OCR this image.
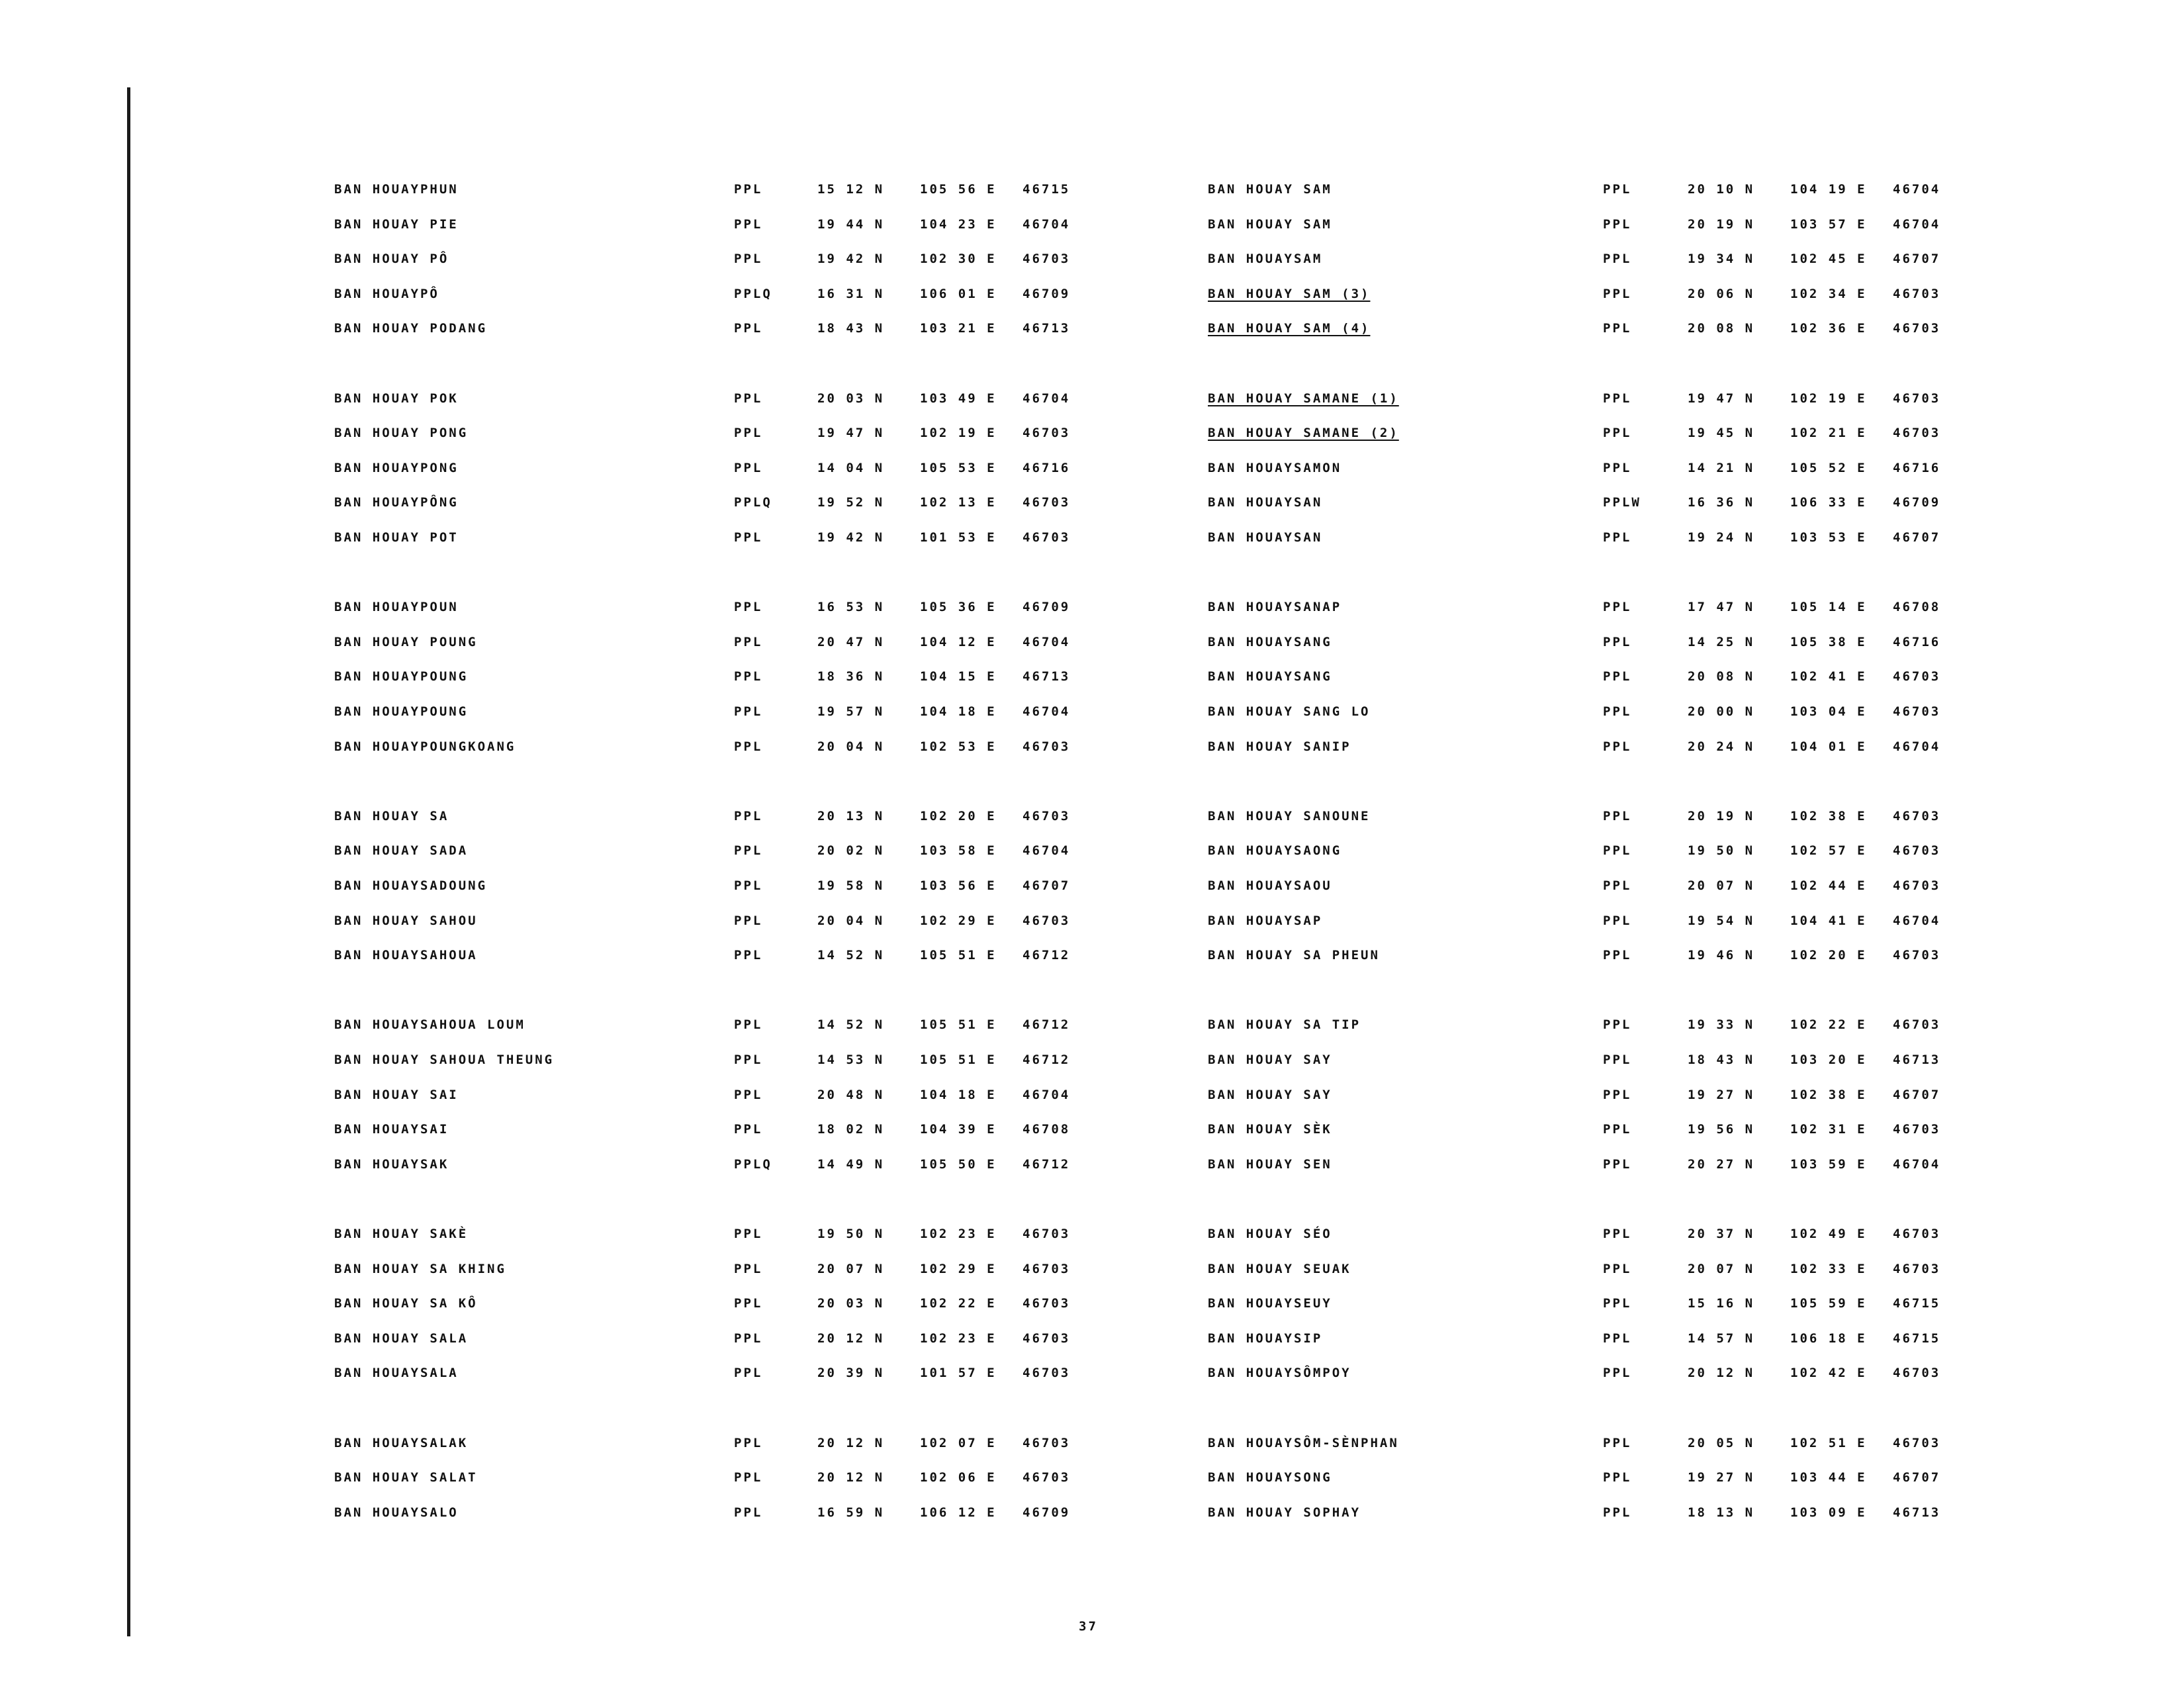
BAN HOUAYPHUN	PPL	15 12 N	105 56 E 46715
BAN HOUAY PIE	PPL	19 44 N	104 23 E 46704
BAN HOUAY PÔ	PPL	19 42 N	102 30 E 46703
BAN HOUAYPÔ	PPLQ	16 31 N	106 01 E 46709
BAN HOUAY PODANG	PPL	18 43 N	103 21 E 46713
BAN HOUAY POK	PPL	20 03 N	103 49 E 46704
BAN HOUAY PONG	PPL	19 47 N	102 19 E 46703
BAN HOUAYPONG	PPL	14 04 N	105 53 E 46716
BAN HOUAYPÔNG	PPLQ	19 52 N	102 13 E 46703
BAN HOUAY POT	PPL	19 42 N	101 53 E 46703
BAN HOUAYPOUN	PPL	16 53 N	105 36 E 46709
BAN HOUAY POUNG	PPL	20 47 N	104 12 E 46704
BAN HOUAYPOUNG	PPL	18 36 N	104 15 E 46713
BAN HOUAYPOUNG	PPL	19 57 N	104 18 E 46704
BAN HOUAYPOUNGKOANG	PPL	20 04 N	102 53 E 46703
BAN HOUAY SA	PPL	20 13 N	102 20 E 46703
BAN HOUAY SADA	PPL	20 02 N	103 58 E 46704
BAN HOUAYSADOUNG	PPL	19 58 N	103 56 E 46707
BAN HOUAY SAHOU	PPL	20 04 N	102 29 E 46703
BAN HOUAYSAHOUA	PPL	14 52 N	105 51 E 46712
BAN HOUAYSAHOUA LOUM	PPL	14 52 N	105 51 E 46712
BAN HOUAY SAHOUA THEUNG	PPL	14 53 N	105 51 E 46712
BAN HOUAY SAI	PPL	20 48 N	104 18 E 46704
BAN HOUAYSAI	PPL	18 02 N	104 39 E 46708
BAN HOUAYSAK	PPLQ	14 49 N	105 50 E 46712
BAN HOUAY SAKÈ	PPL	19 50 N	102 23 E 46703
BAN HOUAY SA KHING	PPL	20 07 N	102 29 E 46703
BAN HOUAY SA KÔ	PPL	20 03 N	102 22 E 46703
BAN HOUAY SALA	PPL	20 12 N	102 23 E 46703
BAN HOUAYSALA	PPL	20 39 N	101 57 E 46703
BAN HOUAYSALAK	PPL	20 12 N	102 07 E 46703
BAN HOUAY SALAT	PPL	20 12 N	102 06 E 46703
BAN HOUAYSALO	PPL	16 59 N	106 12 E 46709
BAN HOUAY SAM	PPL	20 10 N	104 19 E 46704
BAN HOUAY SAM	PPL	20 19 N	103 57 E 46704
BAN HOUAYSAM	PPL	19 34 N	102 45 E 46707
BAN HOUAY SAM (3)	PPL	20 06 N	102 34 E 46703
BAN HOUAY SAM (4)	PPL	20 08 N	102 36 E 46703
BAN HOUAY SAMANE (1)	PPL	19 47 N	102 19 E 46703
BAN HOUAY SAMANE (2)	PPL	19 45 N	102 21 E 46703
BAN HOUAYSAMON	PPL	14 21 N	105 52 E 46716
BAN HOUAYSAN	PPLW	16 36 N	106 33 E 46709
BAN HOUAYSAN	PPL	19 24 N	103 53 E 46707
BAN HOUAYSANAP	PPL	17 47 N	105 14 E 46708
BAN HOUAYSANG	PPL	14 25 N	105 38 E 46716
BAN HOUAYSANG	PPL	20 08 N	102 41 E 46703
BAN HOUAY SANG LO	PPL	20 00 N	103 04 E 46703
BAN HOUAY SANIP	PPL	20 24 N	104 01 E 46704
BAN HOUAY SANOUNE	PPL	20 19 N	102 38 E 46703
BAN HOUAYSAONG	PPL	19 50 N	102 57 E 46703
BAN HOUAYSAOU	PPL	20 07 N	102 44 E 46703
BAN HOUAYSAP	PPL	19 54 N	104 41 E 46704
BAN HOUAY SA PHEUN	PPL	19 46 N	102 20 E 46703
BAN HOUAY SA TIP	PPL	19 33 N	102 22 E 46703
BAN HOUAY SAY	PPL	18 43 N	103 20 E 46713
BAN HOUAY SAY	PPL	19 27 N	102 38 E 46707
BAN HOUAY SÈK	PPL	19 56 N	102 31 E 46703
BAN HOUAY SEN	PPL	20 27 N	103 59 E 46704
BAN HOUAY SÉO	PPL	20 37 N	102 49 E 46703
BAN HOUAY SEUAK	PPL	20 07 N	102 33 E 46703
BAN HOUAYSEUY	PPL	15 16 N	105 59 E 46715
BAN HOUAYSIP	PPL	14 57 N	106 18 E 46715
BAN HOUAYSÔMPOY	PPL	20 12 N	102 42 E 46703
BAN HOUAYSÔM-SÈNPHAN	PPL	20 05 N	102 51 E 46703
BAN HOUAYSONG	PPL	19 27 N	103 44 E 46707
BAN HOUAY SOPHAY	PPL	18 13 N	103 09 E 46713
37
